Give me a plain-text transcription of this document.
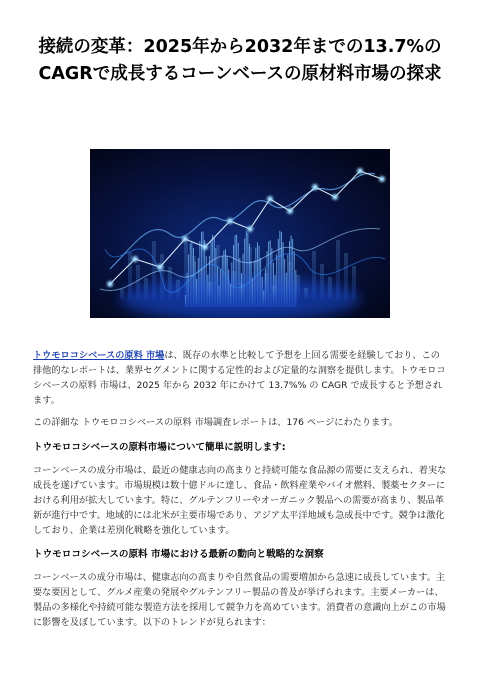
接続の変革：2025年から2032年までの13.7%のCAGRで成長するコーンベースの原材料市場の探求

トウモロコシベースの原料 市場は、既存の水準と比較して予想を上回る需要を経験しており、この排他的なレポートは、業界セグメントに関する定性的および定量的な洞察を提供します。トウモロコシベースの原料 市場は、2025 年から 2032 年にかけて 13.7%% の CAGR で成長すると予想されます。

この詳細な トウモロコシベースの原料 市場調査レポートは、176 ページにわたります。

トウモロコシベースの原料市場について簡単に説明します:

コーンベースの成分市場は、最近の健康志向の高まりと持続可能な食品源の需要に支えられ、着実な成長を遂げています。市場規模は数十億ドルに達し、食品・飲料産業やバイオ燃料、製薬セクターにおける利用が拡大しています。特に、グルテンフリーやオーガニック製品への需要が高まり、製品革新が進行中です。地域的には北米が主要市場であり、アジア太平洋地域も急成長中です。競争は激化しており、企業は差別化戦略を強化しています。

トウモロコシベースの原料 市場における最新の動向と戦略的な洞察

コーンベースの成分市場は、健康志向の高まりや自然食品の需要増加から急速に成長しています。主要な要因として、グルメ産業の発展やグルテンフリー製品の普及が挙げられます。主要メーカーは、製品の多様化や持続可能な製造方法を採用して競争力を高めています。消費者の意識向上がこの市場に影響を及ぼしています。以下のトレンドが見られます：
